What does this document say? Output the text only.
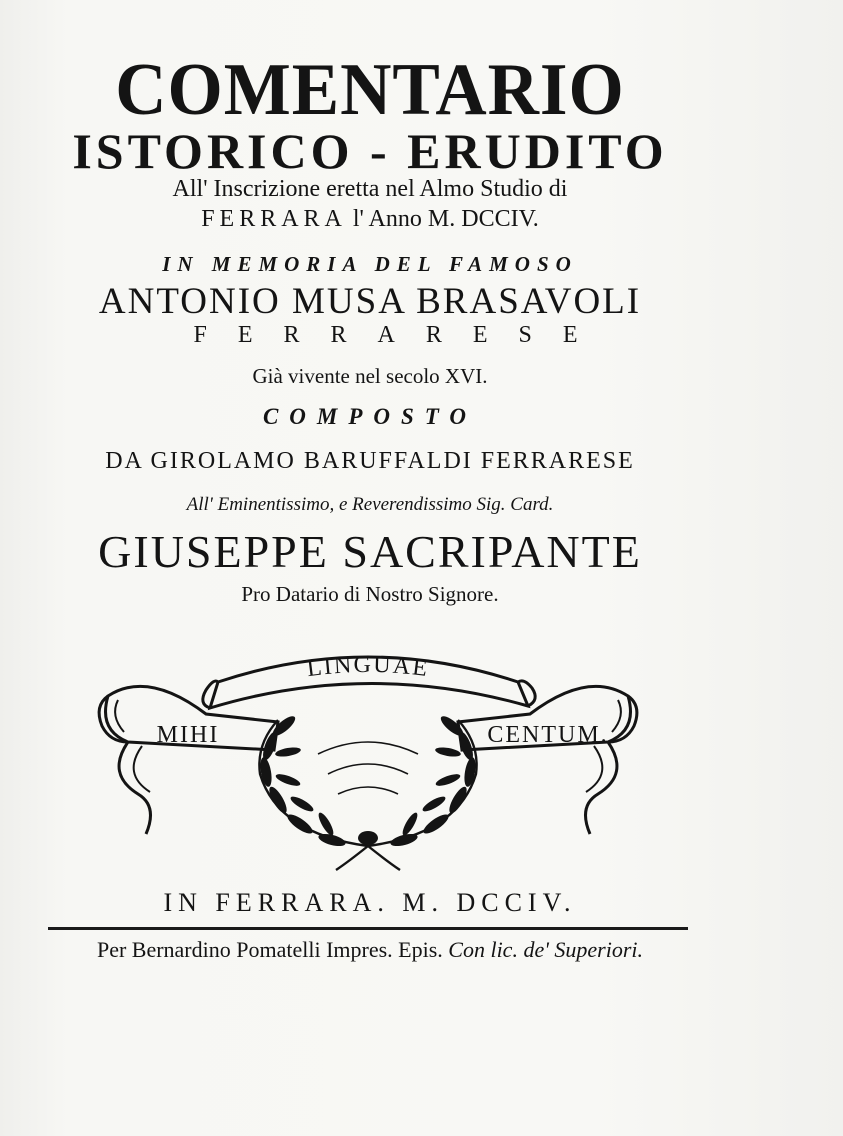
COMENTARIO
ISTORICO - ERUDITO
All' Inscrizione eretta nel Almo Studio di
FERRARA l' Anno M. DCCIV.
IN MEMORIA DEL FAMOSO
ANTONIO MUSA BRASAVOLI
FERRARESE
Già vivente nel secolo XVI.
COMPOSTO
DA GIROLAMO BARUFFALDI FERRARESE
All' Eminentissimo, e Reverendissimo Sig. Card.
GIUSEPPE SACRIPANTE
Pro Datario di Nostro Signore.
LINGUAE
MIHI	CENTUM.
IN FERRARA. M. DCCIV.
Per Bernardino Pomatelli Impres. Epis. Con lic. de' Superiori.
